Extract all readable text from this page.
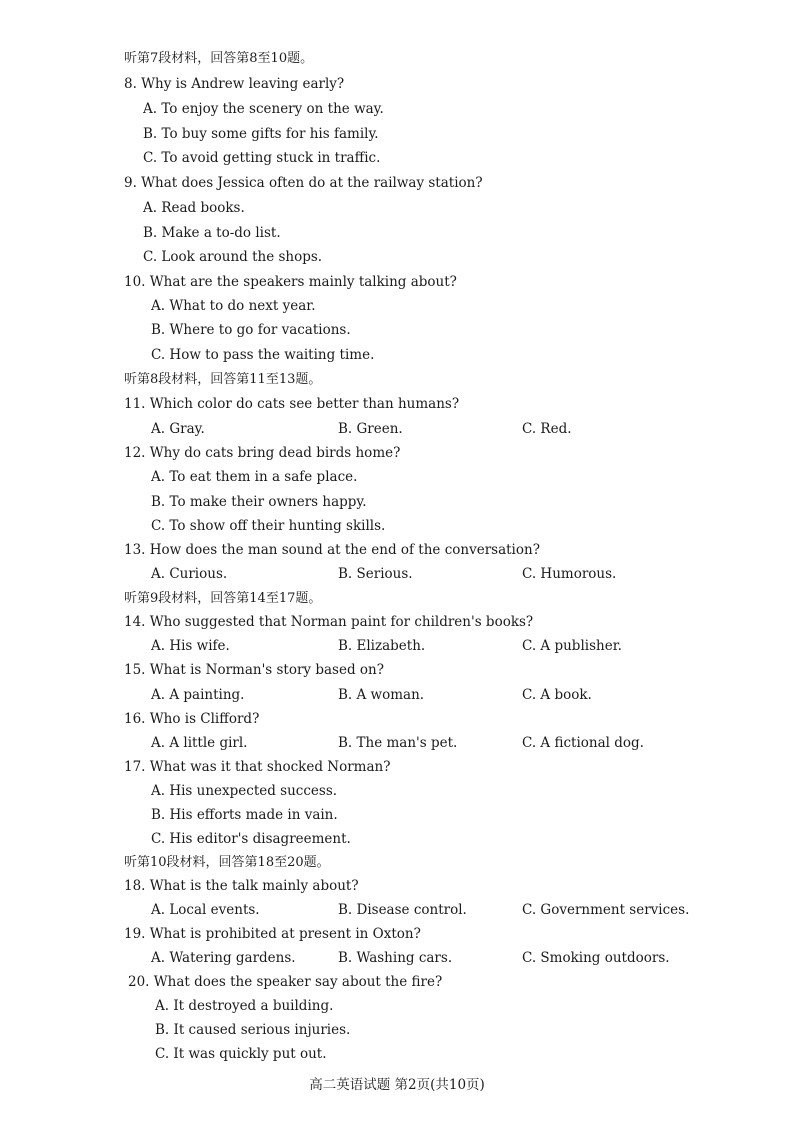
听第7段材料，回答第8至10题。
8. Why is Andrew leaving early?
A. To enjoy the scenery on the way.
B. To buy some gifts for his family.
C. To avoid getting stuck in traffic.
9. What does Jessica often do at the railway station?
A. Read books.
B. Make a to-do list.
C. Look around the shops.
10. What are the speakers mainly talking about?
A. What to do next year.
B. Where to go for vacations.
C. How to pass the waiting time.
听第8段材料，回答第11至13题。
11. Which color do cats see better than humans?
A. Gray.	B. Green.	C. Red.
12. Why do cats bring dead birds home?
A. To eat them in a safe place.
B. To make their owners happy.
C. To show off their hunting skills.
13. How does the man sound at the end of the conversation?
A. Curious.	B. Serious.	C. Humorous.
听第9段材料，回答第14至17题。
14. Who suggested that Norman paint for children's books?
A. His wife.	B. Elizabeth.	C. A publisher.
15. What is Norman's story based on?
A. A painting.	B. A woman.	C. A book.
16. Who is Clifford?
A. A little girl.	B. The man's pet.	C. A fictional dog.
17. What was it that shocked Norman?
A. His unexpected success.
B. His efforts made in vain.
C. His editor's disagreement.
听第10段材料，回答第18至20题。
18. What is the talk mainly about?
A. Local events.	B. Disease control.	C. Government services.
19. What is prohibited at present in Oxton?
A. Watering gardens.	B. Washing cars.	C. Smoking outdoors.
20. What does the speaker say about the fire?
A. It destroyed a building.
B. It caused serious injuries.
C. It was quickly put out.
高二英语试题 第2页(共10页)
